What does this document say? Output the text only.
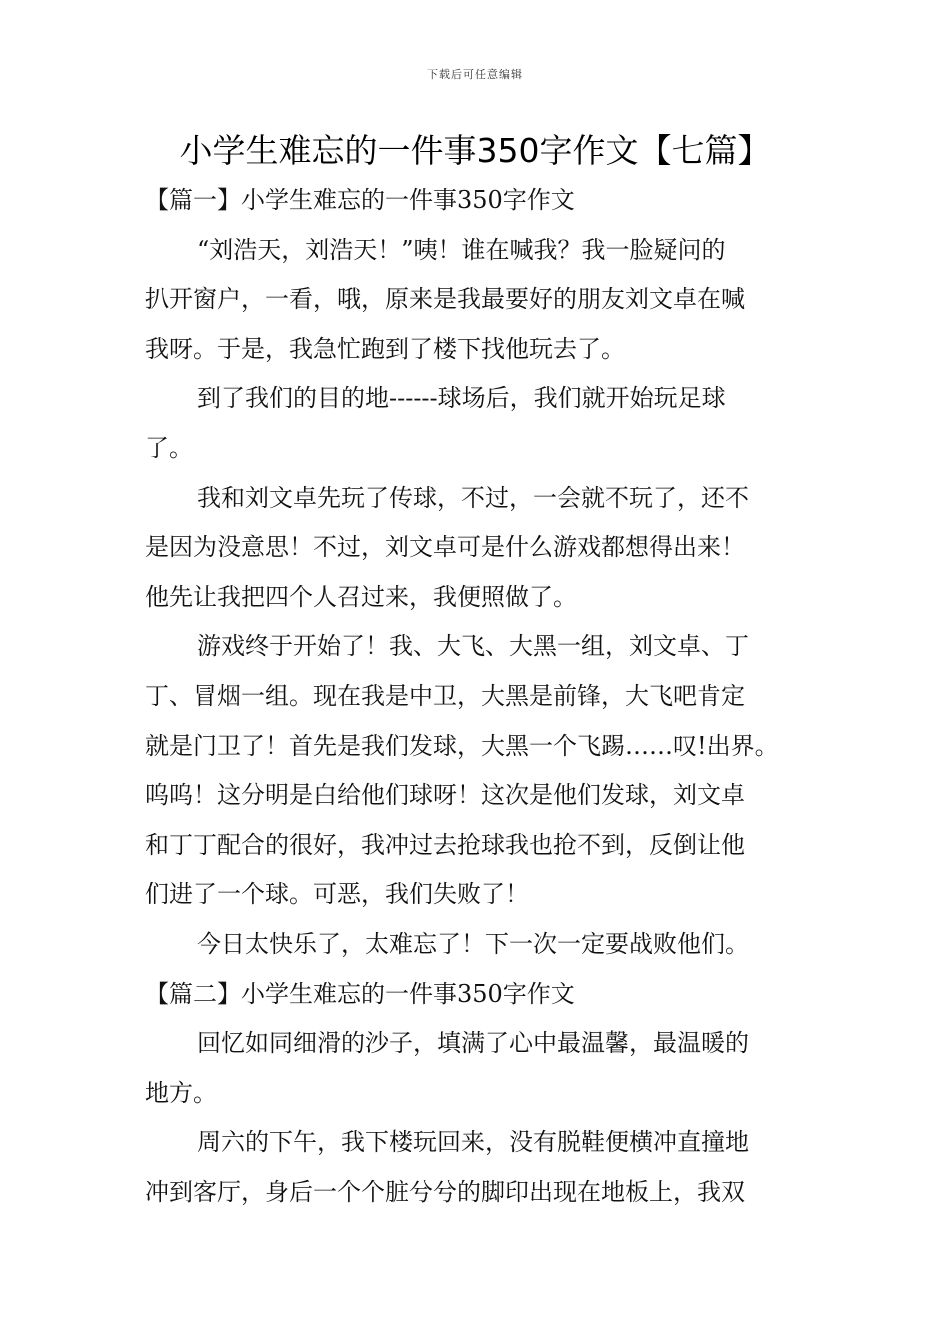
下载后可任意编辑
小学生难忘的一件事350字作文【七篇】
【篇一】小学生难忘的一件事350字作文
“刘浩天，刘浩天！”咦！谁在喊我？我一脸疑问的
扒开窗户，一看，哦，原来是我最要好的朋友刘文卓在喊
我呀。于是，我急忙跑到了楼下找他玩去了。
到了我们的目的地------球场后，我们就开始玩足球
了。
我和刘文卓先玩了传球，不过，一会就不玩了，还不
是因为没意思！不过，刘文卓可是什么游戏都想得出来！
他先让我把四个人召过来，我便照做了。
游戏终于开始了！我、大飞、大黑一组，刘文卓、丁
丁、冒烟一组。现在我是中卫，大黑是前锋，大飞吧肯定
就是门卫了！首先是我们发球，大黑一个飞踢……叹!出界。
呜呜！这分明是白给他们球呀！这次是他们发球，刘文卓
和丁丁配合的很好，我冲过去抢球我也抢不到，反倒让他
们进了一个球。可恶，我们失败了！
今日太快乐了，太难忘了！下一次一定要战败他们。
【篇二】小学生难忘的一件事350字作文
回忆如同细滑的沙子，填满了心中最温馨，最温暖的
地方。
周六的下午，我下楼玩回来，没有脱鞋便横冲直撞地
冲到客厅，身后一个个脏兮兮的脚印出现在地板上，我双
